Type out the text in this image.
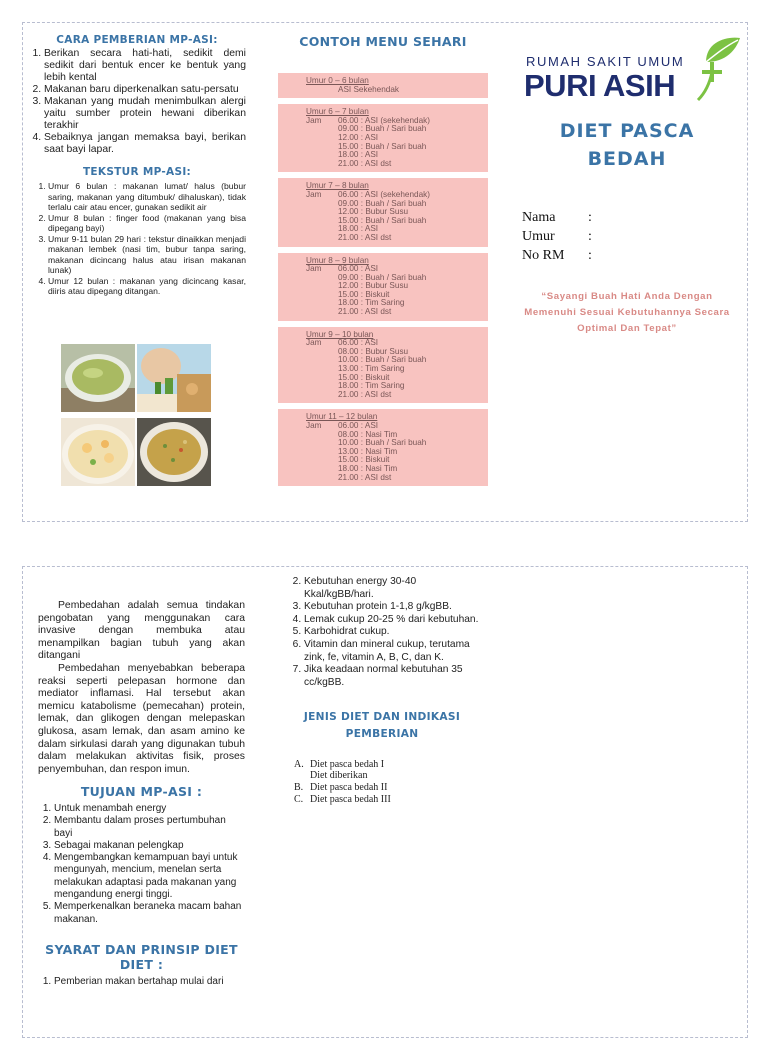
CARA PEMBERIAN MP-ASI:
1. Berikan secara hati-hati, sedikit demi sedikit dari bentuk encer ke bentuk yang lebih kental
2. Makanan baru diperkenalkan satu-persatu
3. Makanan yang mudah menimbulkan alergi yaitu sumber protein hewani diberikan terakhir
4. Sebaiknya jangan memaksa bayi, berikan saat bayi lapar.
TEKSTUR MP-ASI:
1. Umur 6 bulan : makanan lumat/ halus (bubur saring, makanan yang ditumbuk/ dihaluskan), tidak terlalu cair atau encer, gunakan sedikit air
2. Umur 8 bulan : finger food (makanan yang bisa dipegang bayi)
3. Umur 9-11 bulan 29 hari : tekstur dinaikkan menjadi makanan lembek (nasi tim, bubur tanpa saring, makanan dicincang halus atau irisan makanan lunak)
4. Umur 12 bulan : makanan yang dicincang kasar, diiris atau dipegang ditangan.
CONTOH MENU SEHARI
Umur 0 – 6 bulan
ASI Sekehendak
Umur 6 – 7 bulan
Jam	06.00 : ASI (sekehendak)
09.00 : Buah / Sari buah
12.00 : ASI
15.00 : Buah / Sari buah
18.00 : ASI
21.00 : ASI dst
Umur 7 – 8 bulan
Jam	06.00 : ASI (sekehendak)
09.00 : Buah / Sari buah
12.00 : Bubur Susu
15.00 : Buah / Sari buah
18.00 : ASI
21.00 : ASI dst
Umur 8 – 9 bulan
Jam	06.00 : ASI
09.00 : Buah / Sari buah
12.00 : Bubur Susu
15.00 : Biskuit
18.00 : Tim Saring
21.00 : ASI dst
Umur 9 – 10 bulan
Jam	06.00 : ASI
08.00 : Bubur Susu
10.00 : Buah / Sari buah
13.00 : Tim Saring
15.00 : Biskuit
18.00 : Tim Saring
21.00 : ASI dst
Umur 11 – 12 bulan
Jam	06.00 : ASI
08.00 : Nasi Tim
10.00 : Buah / Sari buah
13.00 : Nasi Tim
15.00 : Biskuit
18.00 : Nasi Tim
21.00 : ASI dst
RUMAH SAKIT UMUM
PURI ASIH
DIET PASCA
BEDAH
Nama	:
Umur	:
No RM	:
“Sayangi Buah Hati Anda Dengan Memenuhi Sesuai Kebutuhannya Secara Optimal Dan Tepat”

Pembedahan adalah semua tindakan pengobatan yang menggunakan cara invasive dengan membuka atau menampilkan bagian tubuh yang akan ditangani

Pembedahan menyebabkan beberapa reaksi seperti pelepasan hormone dan mediator inflamasi. Hal tersebut akan memicu katabolisme (pemecahan) protein, lemak, dan glikogen dengan melepaskan glukosa, asam lemak, dan asam amino ke dalam sirkulasi darah yang digunakan tubuh dalam melakukan aktivitas fisik, proses penyembuhan, dan respon imun.

TUJUAN MP-ASI :
1. Untuk menambah energy
2. Membantu dalam proses pertumbuhan bayi
3. Sebagai makanan pelengkap
4. Mengembangkan kemampuan bayi untuk mengunyah, mencium, menelan serta melakukan adaptasi pada makanan yang mengandung energi tinggi.
5. Memperkenalkan beraneka macam bahan makanan.
SYARAT DAN PRINSIP DIET
DIET :
1. Pemberian makan bertahap mulai dari
2. Kebutuhan energy 30-40 Kkal/kgBB/hari.
3. Kebutuhan protein 1-1,8 g/kgBB.
4. Lemak cukup 20-25 % dari kebutuhan.
5. Karbohidrat cukup.
6. Vitamin dan mineral cukup, terutama zink, fe, vitamin A, B, C, dan K.
7. Jika keadaan normal kebutuhan 35 cc/kgBB.
JENIS DIET DAN INDIKASI
PEMBERIAN
A. Diet pasca bedah I
Diet diberikan
B. Diet pasca bedah II
C. Diet pasca bedah III
